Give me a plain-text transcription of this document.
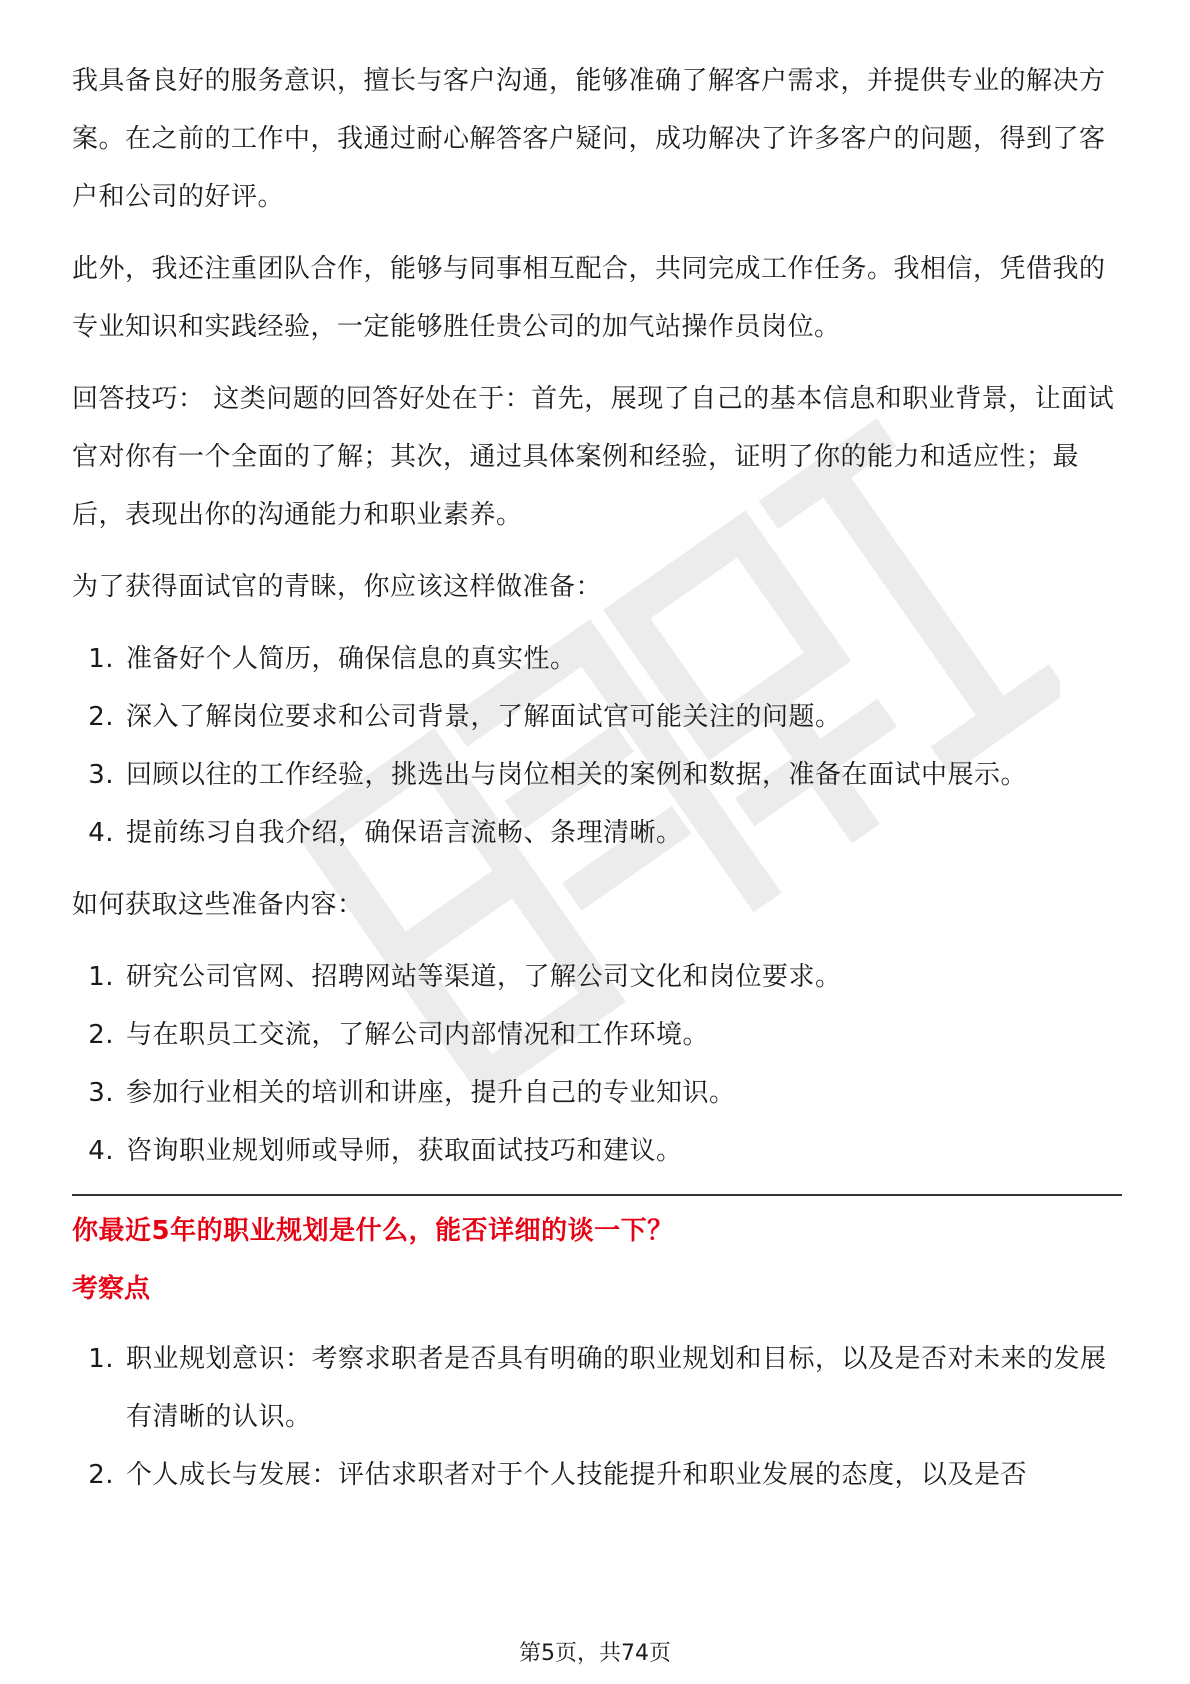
我具备良好的服务意识，擅长与客户沟通，能够准确了解客户需求，并提供专业的解决方案。在之前的工作中，我通过耐心解答客户疑问，成功解决了许多客户的问题，得到了客户和公司的好评。

此外，我还注重团队合作，能够与同事相互配合，共同完成工作任务。我相信，凭借我的专业知识和实践经验，一定能够胜任贵公司的加气站操作员岗位。

回答技巧： 这类问题的回答好处在于：首先，展现了自己的基本信息和职业背景，让面试官对你有一个全面的了解；其次，通过具体案例和经验，证明了你的能力和适应性；最后，表现出你的沟通能力和职业素养。

为了获得面试官的青睐，你应该这样做准备：

1. 准备好个人简历，确保信息的真实性。
2. 深入了解岗位要求和公司背景，了解面试官可能关注的问题。
3. 回顾以往的工作经验，挑选出与岗位相关的案例和数据，准备在面试中展示。
4. 提前练习自我介绍，确保语言流畅、条理清晰。

如何获取这些准备内容：

1. 研究公司官网、招聘网站等渠道，了解公司文化和岗位要求。
2. 与在职员工交流，了解公司内部情况和工作环境。
3. 参加行业相关的培训和讲座，提升自己的专业知识。
4. 咨询职业规划师或导师，获取面试技巧和建议。
你最近5年的职业规划是什么，能否详细的谈一下？
考察点
1. 职业规划意识：考察求职者是否具有明确的职业规划和目标，以及是否对未来的发展有清晰的认识。
2. 个人成长与发展：评估求职者对于个人技能提升和职业发展的态度，以及是否
第5页，共74页
